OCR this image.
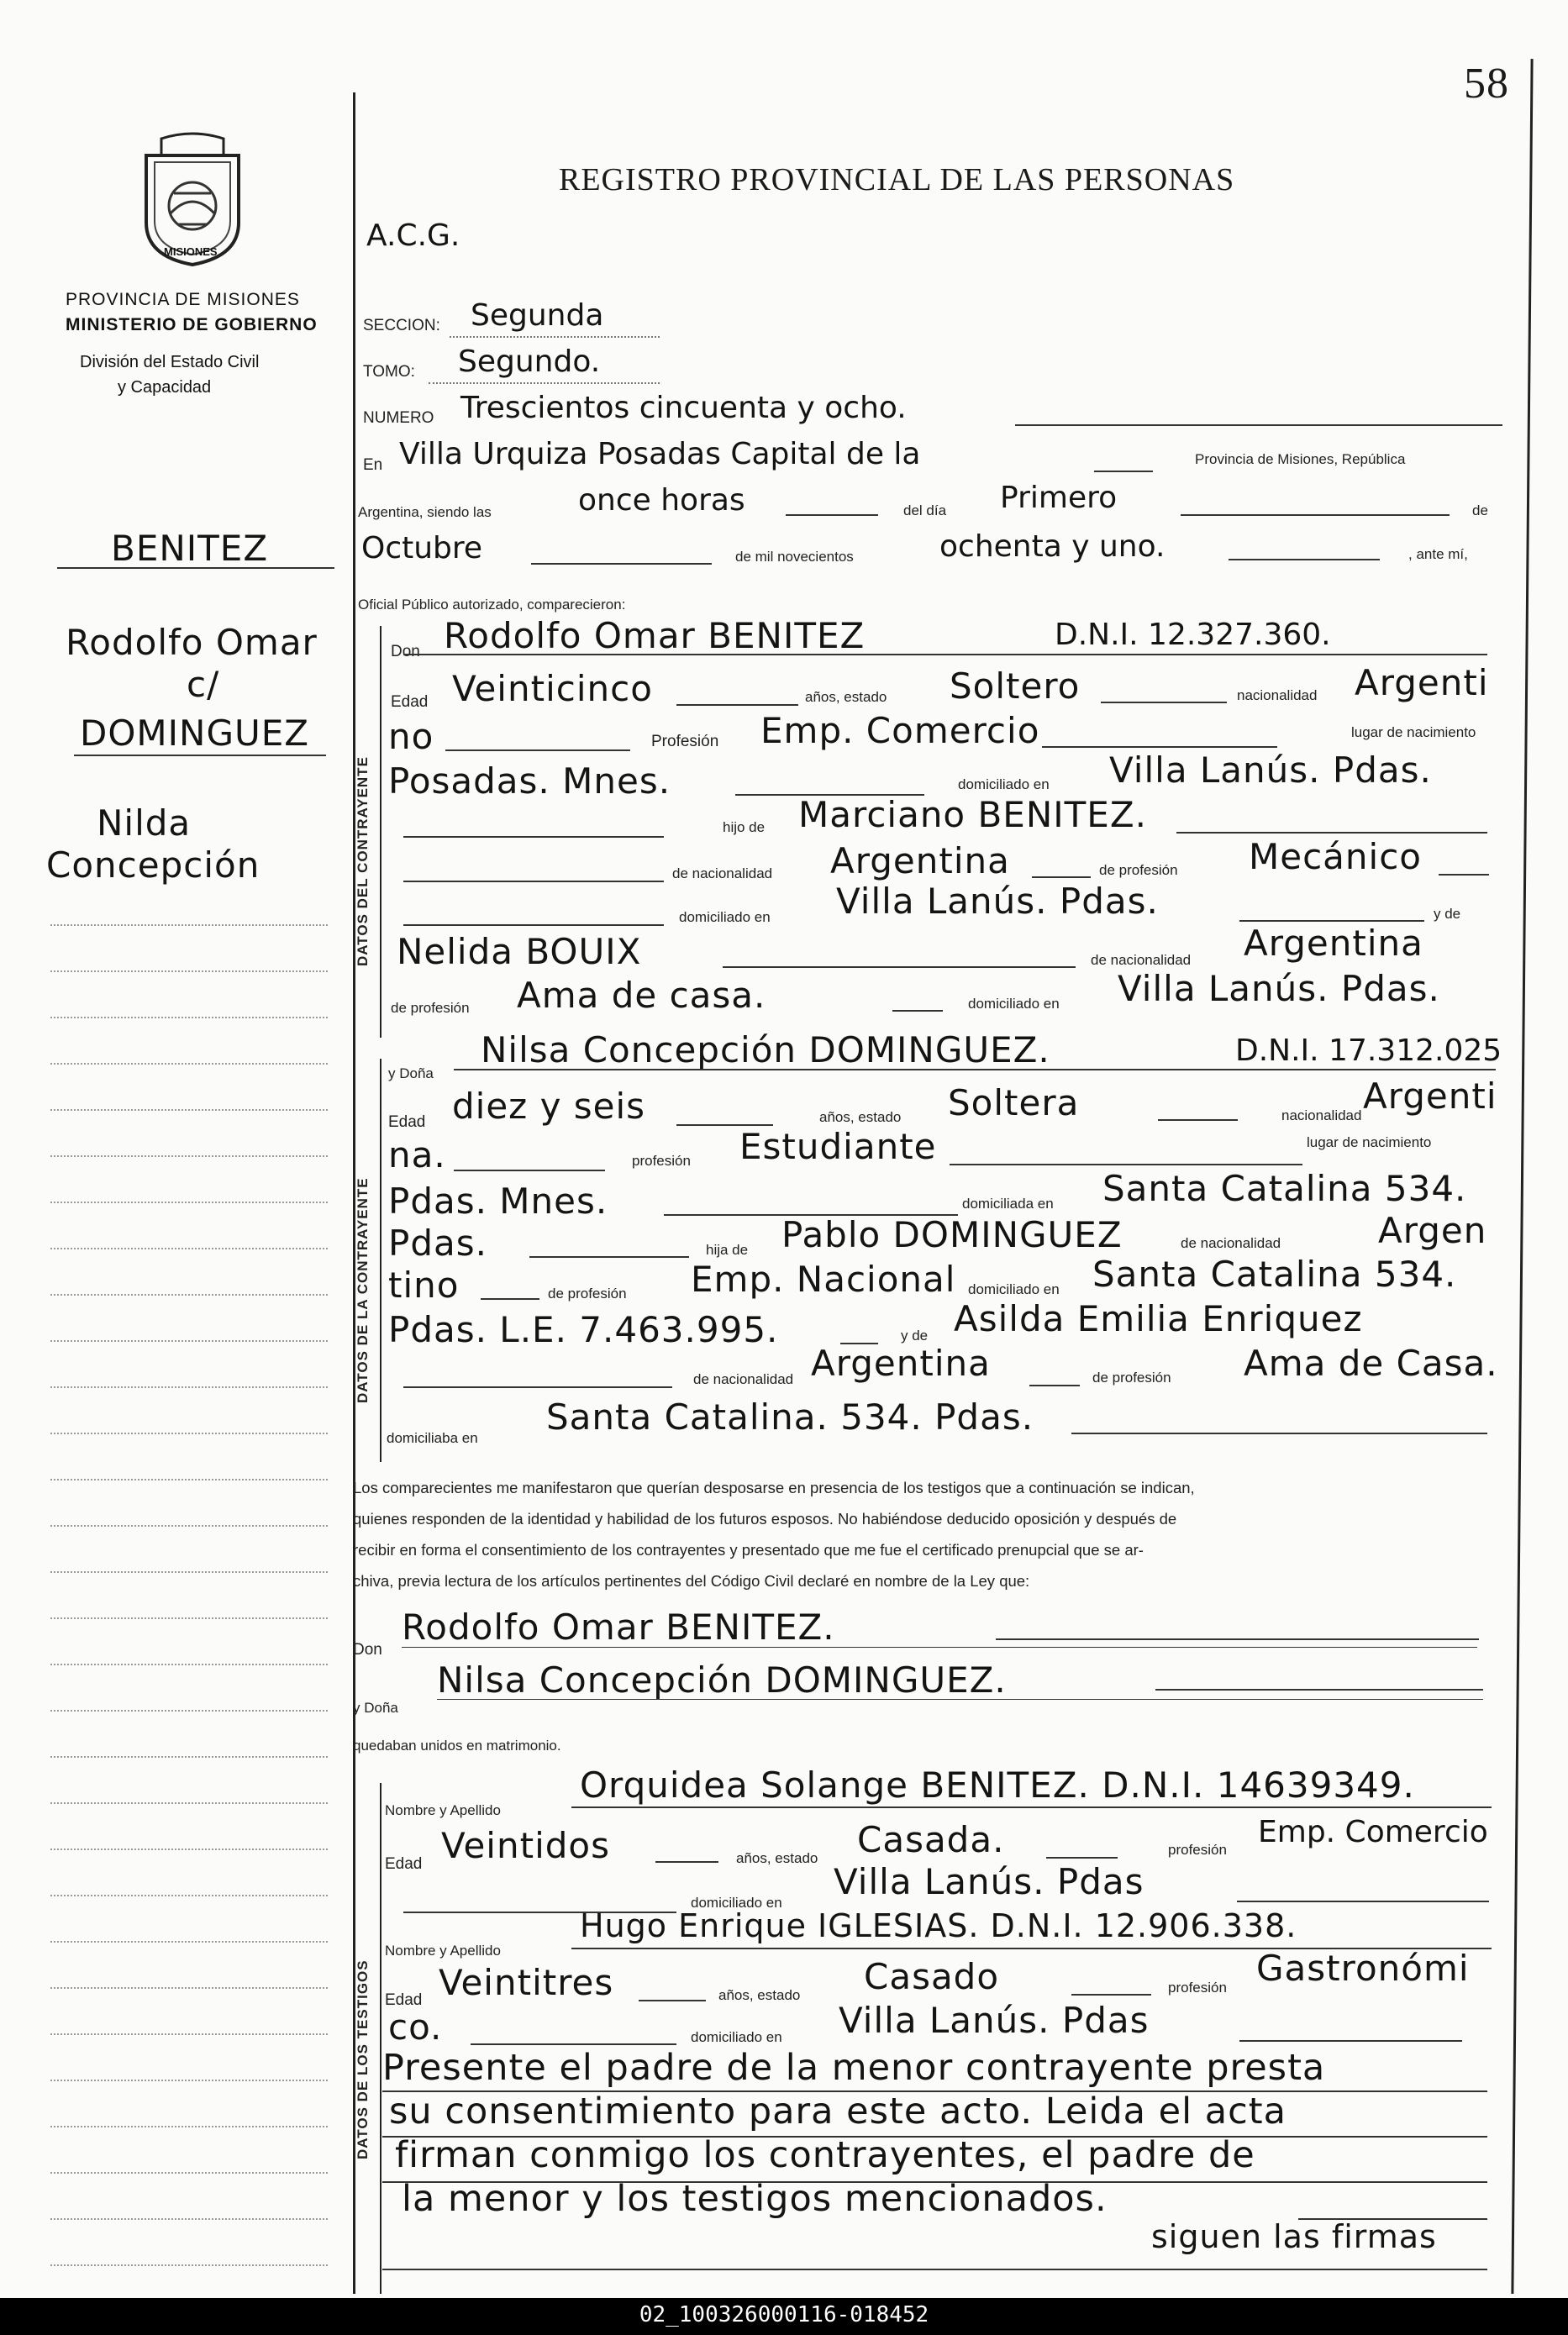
58
MISIONES
PROVINCIA DE MISIONES
MINISTERIO DE GOBIERNO
División del Estado Civil
y Capacidad
REGISTRO PROVINCIAL DE LAS PERSONAS
A.C.G.
BENITEZ
Rodolfo Omar
c/
DOMINGUEZ
Nilda
Concepción
SECCION: Segunda
TOMO: Segundo.
NUMERO Trescientos cincuenta y ocho.
En Villa Urquiza Posadas Capital de la	Provincia de Misiones, República
Argentina, siendo las	once horas	del día Primero	de
Octubre	de mil novecientos	ochenta y uno.	, ante mí,
Oficial Público autorizado, comparecieron:
DATOS DEL CONTRAYENTE
Don Rodolfo Omar BENITEZ	D.N.I. 12.327.360.
Edad Veinticinco	años, estado Soltero	nacionalidad Argenti
no	Profesión Emp. Comercio	lugar de nacimiento
Posadas. Mnes.	domiciliado en Villa Lanús. Pdas.
hijo de Marciano BENITEZ.
de nacionalidad Argentina	de profesión Mecánico
domiciliado en Villa Lanús. Pdas.	y de
Nelida BOUIX	de nacionalidad Argentina
de profesión Ama de casa.	domiciliado en Villa Lanús. Pdas.
DATOS DE LA CONTRAYENTE
y Doña
Nilsa Concepción DOMINGUEZ.	D.N.I. 17.312.025
Edad diez y seis	años, estado Soltera	nacionalidad Argenti
na.	profesión Estudiante	lugar de nacimiento
Pdas. Mnes.	domiciliada en Santa Catalina 534.
Pdas.	hija de Pablo DOMINGUEZ	de nacionalidad	Argen
tino	de profesión Emp. Nacional domiciliado en Santa Catalina 534.
Pdas. L.E. 7.463.995.	y de Asilda Emilia Enriquez
de nacionalidad Argentina	de profesión Ama de Casa.
domiciliaba en
Santa Catalina. 534. Pdas.
Los comparecientes me manifestaron que querían desposarse en presencia de los testigos que a continuación se indican,
quienes responden de la identidad y habilidad de los futuros esposos. No habiéndose deducido oposición y después de
recibir en forma el consentimiento de los contrayentes y presentado que me fue el certificado prenupcial que se ar-
chiva, previa lectura de los artículos pertinentes del Código Civil declaré en nombre de la Ley que:
Don
Rodolfo Omar BENITEZ.
y Doña
Nilsa Concepción DOMINGUEZ.
quedaban unidos en matrimonio.
DATOS DE LOS TESTIGOS
Nombre y Apellido
Orquidea Solange BENITEZ. D.N.I. 14639349.
Edad Veintidos	años, estado Casada.	profesión
Emp. Comercio
domiciliado en
Villa Lanús. Pdas
Nombre y Apellido
Hugo Enrique IGLESIAS. D.N.I. 12.906.338.
Edad Veintitres	años, estado Casado	profesión Gastronómi
co.	domiciliado en Villa Lanús. Pdas
Presente el padre de la menor contrayente presta
su consentimiento para este acto. Leida el acta
firman conmigo los contrayentes, el padre de
la menor y los testigos mencionados.
siguen las firmas
02_100326000116-018452
